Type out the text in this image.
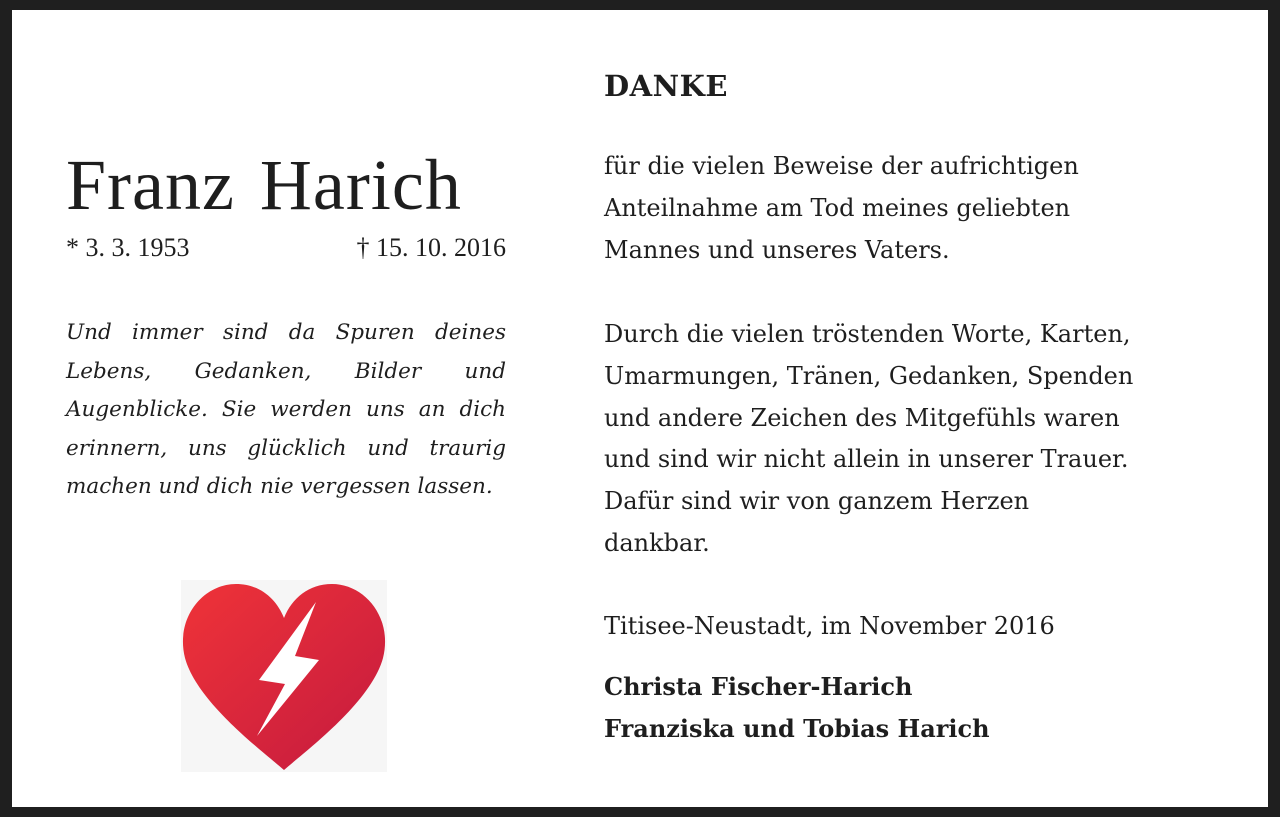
Franz Harich
* 3. 3. 1953	† 15. 10. 2016

Und immer sind da Spuren deines Lebens, Gedanken, Bilder und Augenblicke. Sie werden uns an dich erinnern, uns glücklich und traurig machen und dich nie vergessen lassen.

DANKE

für die vielen Beweise der aufrichtigen
Anteilnahme am Tod meines geliebten
Mannes und unseres Vaters.

Durch die vielen tröstenden Worte, Karten,
Umarmungen, Tränen, Gedanken, Spenden
und andere Zeichen des Mitgefühls waren
und sind wir nicht allein in unserer Trauer.
Dafür sind wir von ganzem Herzen
dankbar.

Titisee-Neustadt, im November 2016

Christa Fischer-Harich
Franziska und Tobias Harich
